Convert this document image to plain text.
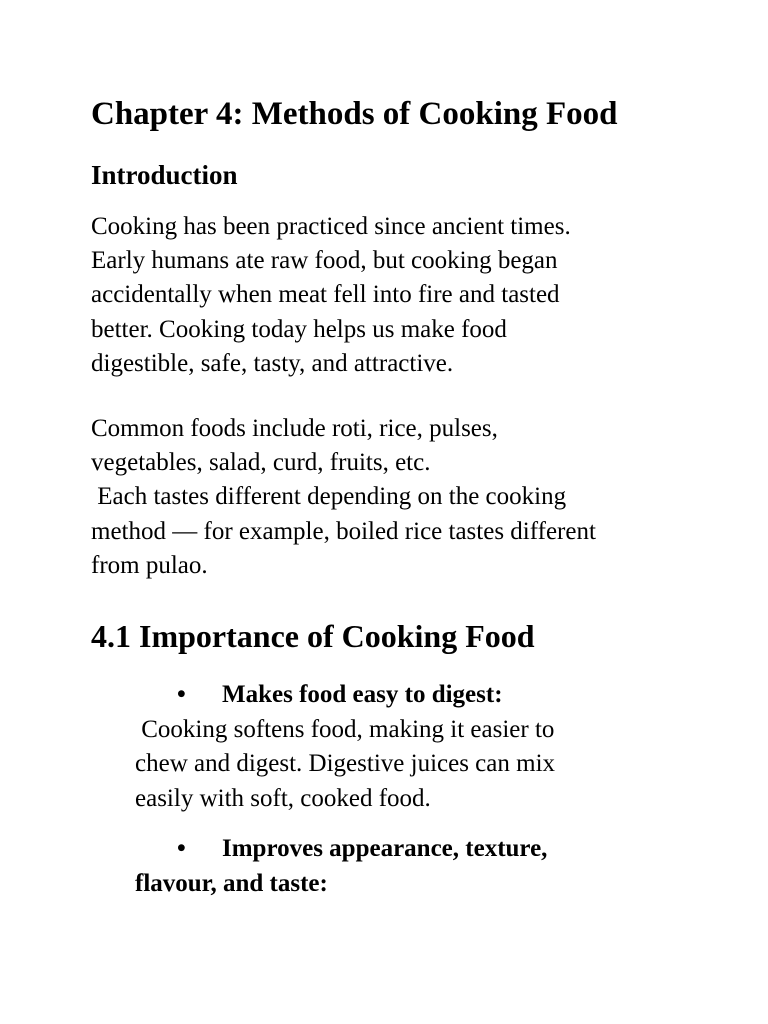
Chapter 4: Methods of Cooking Food
Introduction

Cooking has been practiced since ancient times.
Early humans ate raw food, but cooking began
accidentally when meat fell into fire and tasted
better. Cooking today helps us make food
digestible, safe, tasty, and attractive.

Common foods include roti, rice, pulses,
vegetables, salad, curd, fruits, etc.
Each tastes different depending on the cooking
method — for example, boiled rice tastes different
from pulao.

4.1 Importance of Cooking Food
• Makes food easy to digest:
Cooking softens food, making it easier to
chew and digest. Digestive juices can mix
easily with soft, cooked food.
• Improves appearance, texture,
flavour, and taste:
